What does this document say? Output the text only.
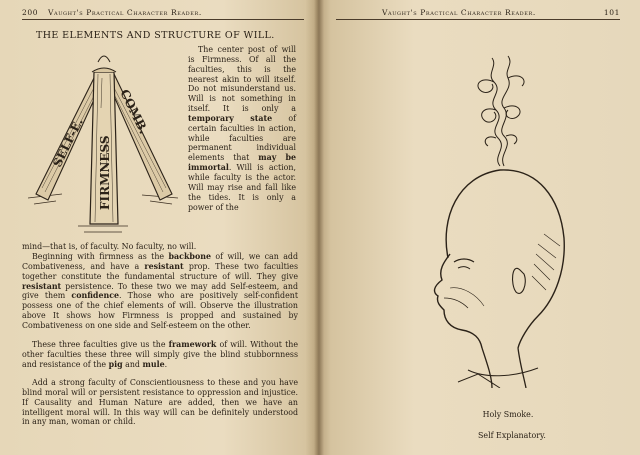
200 Vaught's Practical Character Reader.
THE ELEMENTS AND STRUCTURE OF WILL.
SELF-E. FIRMNESS
COMB.
The center post of will is Firmness. Of all the faculties, this is the nearest akin to will itself. Do not misunderstand us. Will is not something in itself. It is only a temporary state of certain faculties in action, while faculties are permanent individual elements that may be immortal. Will is action, while faculty is the actor. Will may rise and fall like the tides. It is only a power of the
mind—that is, of faculty. No faculty, no will.
Beginning with firmness as the backbone of will, we can add Combativeness, and have a resistant prop. These two faculties together constitute the fundamental structure of will. They give resistant persistence. To these two we may add Self-esteem, and give them confidence. Those who are positively self-confident possess one of the chief elements of will. Observe the illustration above It shows how Firmness is propped and sustained by Combativeness on one side and Self-esteem on the other.
These three faculties give us the framework of will. Without the other faculties these three will simply give the blind stubbornness and resistance of the pig and mule.
Add a strong faculty of Conscientiousness to these and you have blind moral will or persistent resistance to oppression and injustice. If Causality and Human Nature are added, then we have an intelligent moral will. In this way will can be definitely understood in any man, woman or child.
Vaught's Practical Character Reader.	101
Holy Smoke.
Self Explanatory.
